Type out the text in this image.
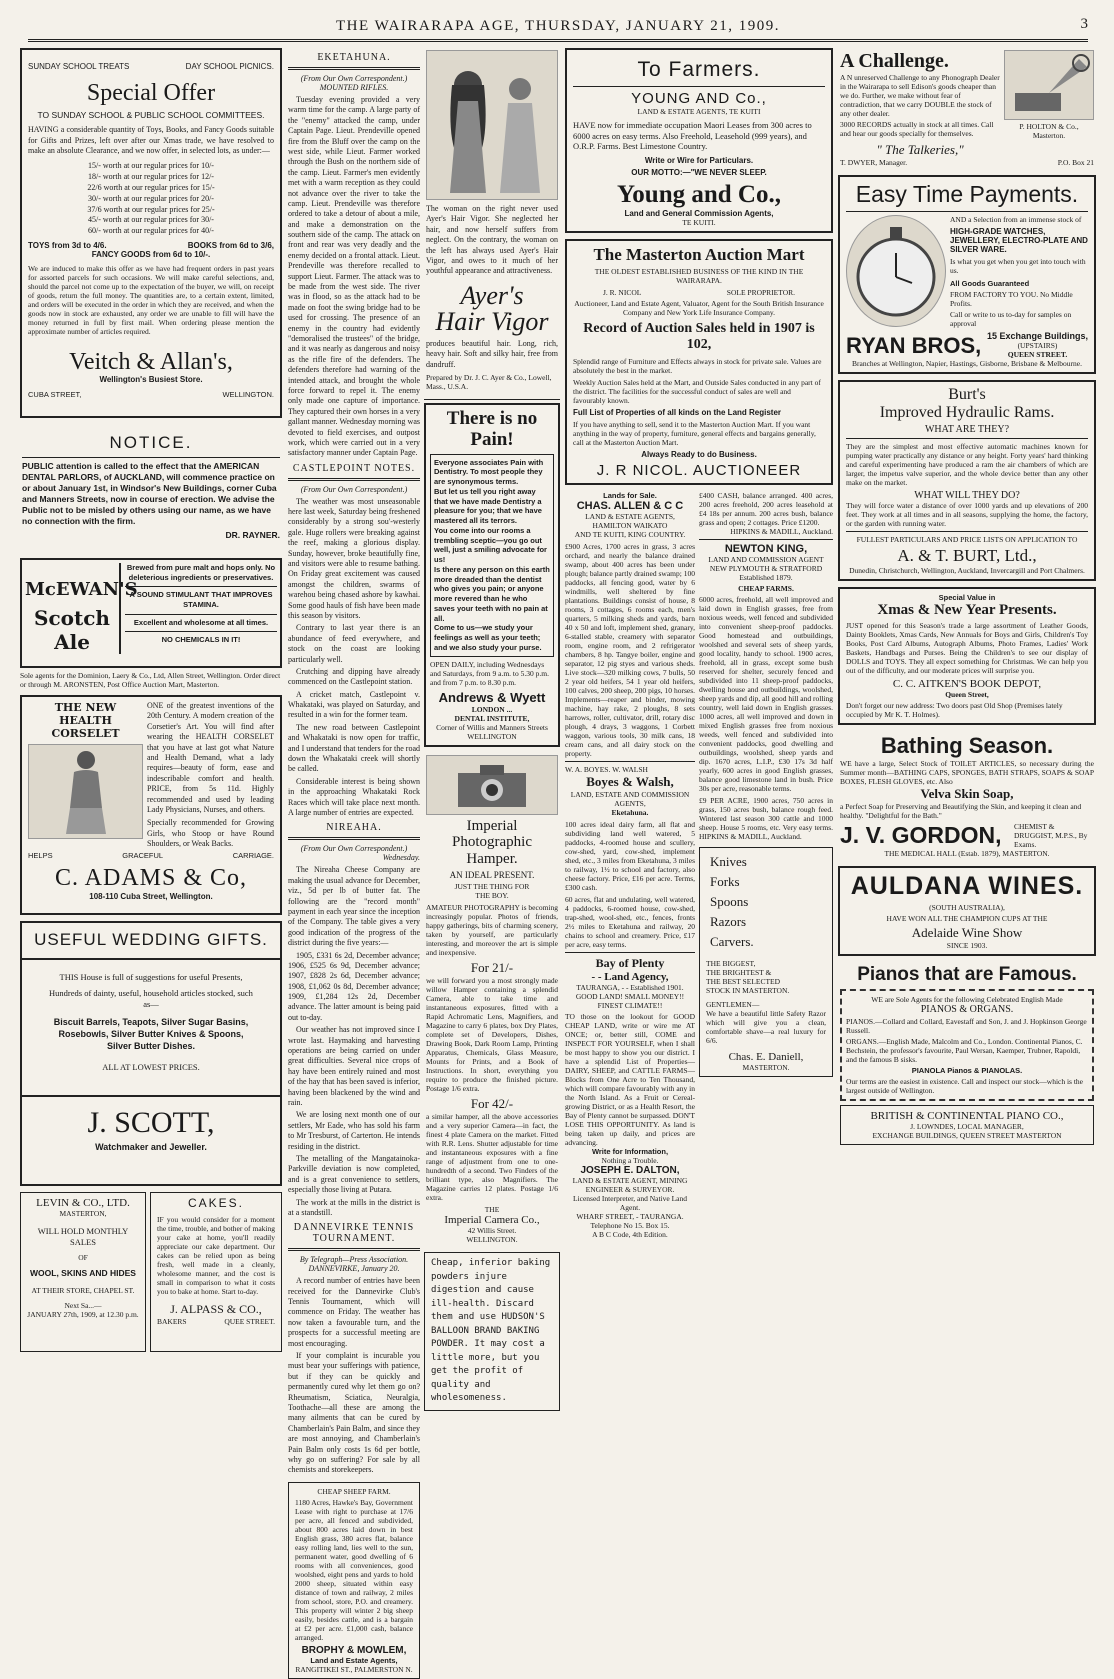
THE WAIRARAPA AGE, THURSDAY, JANUARY 21, 1909.	3
SUNDAY SCHOOL TREATS	DAY SCHOOL PICNICS.
Special Offer
TO SUNDAY SCHOOL & PUBLIC SCHOOL COMMITTEES.
HAVING a considerable quantity of Toys, Books, and Fancy Goods suitable for Gifts and Prizes, left over after our Xmas trade, we have resolved to make an absolute Clearance, and we now offer, in selected lots, as under:—
15/- worth at our regular prices for 10/-
18/- worth at our regular prices for 12/-
22/6 worth at our regular prices for 15/-
30/- worth at our regular prices for 20/-
37/6 worth at our regular prices for 25/-
45/- worth at our regular prices for 30/-
60/- worth at our regular prices for 40/-
TOYS from 3d to 4/6.	BOOKS from 6d to 3/6,
FANCY GOODS from 6d to 10/-.
We are induced to make this offer as we have had frequent orders in past years for assorted parcels for such occasions. We will make careful selections, and, should the parcel not come up to the expectation of the buyer, we will, on receipt of goods, return the full money. The quantities are, to a certain extent, limited, and orders will be executed in the order in which they are received, and when the goods now in stock are exhausted, any order we are unable to fill will have the money returned in full by first mail. When ordering please mention the approximate number of articles required.
Veitch & Allan's,
Wellington's Busiest Store.
CUBA STREET,	WELLINGTON.
NOTICE.
PUBLIC attention is called to the effect that the AMERICAN DENTAL PARLORS, of AUCKLAND, will commence practice on or about January 1st, in Windsor's New Buildings, corner Cuba and Manners Streets, now in course of erection. We advise the Public not to be misled by others using our name, as we have no connection with the firm.
DR. RAYNER.
McEWAN'S
Scotch Ale
Brewed from pure malt and hops only. No deleterious ingredients or preservatives.
A SOUND STIMULANT THAT IMPROVES STAMINA.
Excellent and wholesome at all times.
NO CHEMICALS IN IT!
Sole agents for the Dominion, Laery & Co., Ltd, Allen Street, Wellington. Order direct or through M. ARONSTEN, Post Office Auction Mart, Masterton.
THE NEW HEALTH CORSELET
ONE of the greatest inventions of the 20th Century. A modern creation of the Corsetier's Art. You will find after wearing the HEALTH CORSELET that you have at last got what Nature and Health Demand, what a lady requires—beauty of form, ease and indescribable comfort and health. PRICE, from 5s 11d. Highly recommended and used by leading Lady Physicians, Nurses, and others.
Specially recommended for Growing Girls, who Stoop or have Round Shoulders, or Weak Backs.
HELPS	GRACEFUL	CARRIAGE.
C. ADAMS & Co,
108-110 Cuba Street, Wellington.
USEFUL WEDDING GIFTS.
THIS House is full of suggestions for useful Presents,
Hundreds of dainty, useful, household articles stocked, such as—
Biscuit Barrels, Teapots, Silver Sugar Basins, Rosebowls, Silver Butter Knives & Spoons, Silver Butter Dishes.
ALL AT LOWEST PRICES.
J. SCOTT,
Watchmaker and Jeweller.
LEVIN & CO., LTD.
MASTERTON,
WILL HOLD MONTHLY SALES
OF
WOOL, SKINS AND HIDES
AT THEIR STORE, CHAPEL ST.
Next Sa...—
JANUARY 27th, 1909, at 12.30 p.m.
CAKES.
IF you would consider for a moment the time, trouble, and bother of making your cake at home, you'll readily appreciate our cake department. Our cakes can be relied upon as being fresh, well made in a cleanly, wholesome manner, and the cost is small in comparison to what it costs you to bake at home. Start to-day.
J. ALPASS & CO.,
BAKERS	QUEE STREET.
EKETAHUNA.
(From Our Own Correspondent.)
MOUNTED RIFLES.

Tuesday evening provided a very warm time for the camp. A large party of the "enemy" attacked the camp, under Captain Page. Lieut. Prendeville opened fire from the Bluff over the camp on the west side, while Lieut. Farmer worked through the Bush on the northern side of the camp. Lieut. Farmer's men evidently met with a warm reception as they could not advance over the river to take the camp. Lieut. Prendeville was therefore ordered to take a detour of about a mile, and make a demonstration on the southern side of the camp. The attack on front and rear was very deadly and the enemy decided on a frontal attack. Lieut. Prendeville was therefore recalled to support Lieut. Farmer. The attack was to be made from the west side. The river was in flood, so as the attack had to be made on foot the swing bridge had to be used for crossing. The presence of an enemy in the country had evidently "demoralised the trustees" of the bridge, and it was nearly as dangerous and noisy as the rifle fire of the defenders. The defenders therefore had warning of the intended attack, and brought the whole force forward to repel it. The enemy only made one capture of importance. They captured their own horses in a very gallant manner. Wednesday morning was devoted to field exercises, and outpost work, which were carried out in a very satisfactory manner under Captain Page.

CASTLEPOINT NOTES.
(From Our Own Correspondent.)

The weather was most unseasonable here last week, Saturday being freshened considerably by a strong sou'-westerly gale. Huge rollers were breaking against the reef, making a glorious display. Sunday, however, broke beautifully fine, and visitors were able to resume bathing. On Friday great excitement was caused amongst the children, swarms of warehou being chased ashore by kawhai. Some good hauls of fish have been made this season by visitors.

Contrary to last year there is an abundance of feed everywhere, and stock on the coast are looking particularly well.

Crutching and dipping have already commenced on the Castlepoint station.

A cricket match, Castlepoint v. Whakataki, was played on Saturday, and resulted in a win for the former team.

The new road between Castlepoint and Whakataki is now open for traffic, and I understand that tenders for the road down the Whakataki creek will shortly be called.

Considerable interest is being shown in the approaching Whakataki Rock Races which will take place next month. A large number of entries are expected.

NIREAHA.
(From Our Own Correspondent.)
Wednesday.

The Nireaha Cheese Company are making the usual advance for December, viz., 5d per lb of butter fat. The following are the "record month" payment in each year since the inception of the Company. The table gives a very good indication of the progress of the district during the five years:—

1905, £331 6s 2d, December advance; 1906, £525 6s 9d, December advance; 1907, £828 2s 6d, December advance; 1908, £1,062 0s 8d, December advance; 1909, £1,284 12s 2d, December advance. The latter amount is being paid out to-day.

Our weather has not improved since I wrote last. Haymaking and harvesting operations are being carried on under great difficulties. Several nice crops of hay have been entirely ruined and most of the hay that has been saved is inferior, having been blackened by the wind and rain.

We are losing next month one of our settlers, Mr Eade, who has sold his farm to Mr Tresburst, of Carterton. He intends residing in the district.

The metalling of the Mangatainoka-Parkville deviation is now completed, and is a great convenience to settlers, especially those living at Putara.

The work at the mills in the district is at a standstill.

DANNEVIRKE TENNIS TOURNAMENT.
By Telegraph—Press Association.
DANNEVIRKE, January 20.

A record number of entries have been received for the Dannevirke Club's Tennis Tournament, which will commence on Friday. The weather has now taken a favourable turn, and the prospects for a successful meeting are most encouraging.

If your complaint is incurable you must bear your sufferings with patience, but if they can be quickly and permanently cured why let them go on? Rheumatism, Sciatica, Neuralgia, Toothache—all these are among the many ailments that can be cured by Chamberlain's Pain Balm, and since they are most annoying, and Chamberlain's Pain Balm only costs 1s 6d per bottle, why go on suffering? For sale by all chemists and storekeepers.

CHEAP SHEEP FARM.
1180 Acres, Hawke's Bay, Government Lease with right to purchase at 17/6 per acre, all fenced and subdivided, about 800 acres laid down in best English grass, 380 acres flat, balance easy rolling land, lies well to the sun, permanent water, good dwelling of 6 rooms with all conveniences, good woolshed, eight pens and yards to hold 2000 sheep, situated within easy distance of town and railway, 2 miles from school, store, P.O. and creamery. This property will winter 2 big sheep easily, besides cattle, and is a bargain at £2 per acre. £1,000 cash, balance arranged.
BROPHY & MOWLEM,
Land and Estate Agents,
RANGITIKEI ST., PALMERSTON N.
The woman on the right never used Ayer's Hair Vigor. She neglected her hair, and now herself suffers from neglect. On the contrary, the woman on the left has always used Ayer's Hair Vigor, and owes to it much of her youthful appearance and attractiveness.
Ayer's
Hair Vigor
produces beautiful hair. Long, rich, heavy hair. Soft and silky hair, free from dandruff.
Prepared by Dr. J. C. Ayer & Co., Lowell, Mass., U.S.A.
There is no Pain!
Everyone associates Pain with Dentistry. To most people they are synonymous terms.
But let us tell you right away that we have made Dentistry a pleasure for you; that we have mastered all its terrors.
You come into our rooms a trembling sceptic—you go out well, just a smiling advocate for us!
Is there any person on this earth more dreaded than the dentist who gives you pain; or anyone more revered than he who saves your teeth with no pain at all.
Come to us—we study your feelings as well as your teeth; and we also study your purse.
OPEN DAILY, including Wednesdays and Saturdays, from 9 a.m. to 5.30 p.m. and from 7 p.m. to 8.30 p.m.
Andrews & Wyett
LONDON ...
DENTAL INSTITUTE,
Corner of Willis and Manners Streets
WELLINGTON
Imperial
Photographic
Hamper.
AN IDEAL PRESENT.
JUST THE THING FOR
THE BOY.
AMATEUR PHOTOGRAPHY is becoming increasingly popular. Photos of friends, happy gatherings, bits of charming scenery, taken by yourself, are particularly interesting, and moreover the art is simple and inexpensive.
For 21/-
we will forward you a most strongly made willow Hamper containing a splendid Camera, able to take time and instantaneous exposures, fitted with a Rapid Achromatic Lens, Magnifiers, and Magazine to carry 6 plates, box Dry Plates, complete set of Developers, Dishes, Drawing Book, Dark Room Lamp, Printing Apparatus, Chemicals, Glass Measure, Mounts for Prints, and a Book of Instructions. In short, everything you require to produce the finished picture. Postage 1/6 extra.
For 42/-
a similar hamper, all the above accessories and a very superior Camera—in fact, the finest 4 plate Camera on the market. Fitted with R.R. Lens. Shutter adjustable for time and instantaneous exposures with a fine range of adjustment from one to one-hundredth of a second. Two Finders of the brilliant type, also Magnifiers. The Magazine carries 12 plates. Postage 1/6 extra.
THE
Imperial Camera Co.,
42 Willis Street.
WELLINGTON.
Cheap, inferior baking powders injure digestion and cause ill-health. Discard them and use HUDSON'S BALLOON BRAND BAKING POWDER. It may cost a little more, but you get the profit of quality and wholesomeness.
To Farmers.
YOUNG AND Co.,
LAND & ESTATE AGENTS, TE KUITI
HAVE now for immediate occupation Maori Leases from 300 acres to 6000 acres on easy terms. Also Freehold, Leasehold (999 years), and O.R.P. Farms. Best Limestone Country.
Write or Wire for Particulars.
OUR MOTTO:—"WE NEVER SLEEP.
Young and Co.,
Land and General Commission Agents,
TE KUITI.
The Masterton Auction Mart
THE OLDEST ESTABLISHED BUSINESS OF THE KIND IN THE WAIRARAPA.
J. R. NICOL	SOLE PROPRIETOR.
Auctioneer, Land and Estate Agent, Valuator, Agent for the South British Insurance Company and New York Life Insurance Company.
Record of Auction Sales held in 1907 is
102,
Splendid range of Furniture and Effects always in stock for private sale. Values are absolutely the best in the market.
Weekly Auction Sales held at the Mart, and Outside Sales conducted in any part of the district. The facilities for the successful conduct of sales are well and favourably known.
Full List of Properties of all kinds on the Land Register
If you have anything to sell, send it to the Masterton Auction Mart. If you want anything in the way of property, furniture, general effects and bargains generally, call at the Masterton Auction Mart.
Always Ready to do Business.
J. R NICOL. AUCTIONEER
Lands for Sale.
CHAS. ALLEN & C C
LAND & ESTATE AGENTS,
HAMILTON WAIKATO
AND TE KUITI, KING COUNTRY.
£900 Acres, 1700 acres in grass, 3 acres orchard, and nearly the balance drained swamp, about 400 acres has been under plough; balance partly drained swamp; 100 paddocks, all fencing good, water by 6 windmills, well sheltered by fine plantations. Buildings consist of house, 8 rooms, 3 cottages, 6 rooms each, men's quarters, 5 milking sheds and yards, barn 40 x 50 and loft, implement shed, granary, 6-stalled stable, creamery with separator room, engine room, and 2 refrigerator chambers, 8 hp. Tangye boiler, engine and separator, 12 pig styes and various sheds. Live stock—320 milking cows, 7 bulls, 50 2 year old heifers, 54 1 year old heifers, 100 calves, 200 sheep, 200 pigs, 10 horses. Implements—reaper and binder, mowing machine, hay rake, 2 ploughs, 8 sets harrows, roller, cultivator, drill, rotary disc plough, 4 drays, 3 waggons, 1 Corbett waggon, various tools, 30 milk cans, 18 cream cans, and all dairy stock on the property.
W. A. BOYES. W. WALSH
Boyes & Walsh,
LAND, ESTATE AND COMMISSION AGENTS,
Eketahuna.
100 acres ideal dairy farm, all flat and subdividing land well watered, 5 paddocks, 4-roomed house and scullery, cow-shed, yard, cow-shed, implement shed, etc., 3 miles from Eketahuna, 3 miles to railway, 1½ to school and factory, also cheese factory. Price, £16 per acre. Terms, £300 cash.
60 acres, flat and undulating, well watered, 4 paddocks, 6-roomed house, cow-shed, trap-shed, wool-shed, etc., fences, fronts 2½ miles to Eketahuna and railway, 20 chains to school and creamery. Price, £17 per acre, easy terms.
Bay of Plenty
- - Land Agency,
TAURANGA, - - Established 1901.
GOOD LAND! SMALL MONEY!! FINEST CLIMATE!!
TO those on the lookout for GOOD CHEAP LAND, write or wire me AT ONCE; or, better still, COME and INSPECT FOR YOURSELF, when I shall be most happy to show you our district. I have a splendid List of Properties—DAIRY, SHEEP, and CATTLE FARMS—Blocks from One Acre to Ten Thousand, which will compare favourably with any in the North Island. As a Fruit or Cereal-growing District, or as a Health Resort, the Bay of Plenty cannot be surpassed. DON'T LOSE THIS OPPORTUNITY. As land is being taken up daily, and prices are advancing.
Write for Information,
Nothing a Trouble.
JOSEPH E. DALTON,
LAND & ESTATE AGENT, MINING ENGINEER & SURVEYOR.
Licensed Interpreter, and Native Land Agent.
WHARF STREET, - TAURANGA.
Telephone No 15. Box 15.
A B C Code, 4th Edition.
£400 CASH, balance arranged. 400 acres, 200 acres freehold, 200 acres leasehold at £4 18s per annum. 200 acres bush, balance grass and open; 2 cottages. Price £1200.
HIPKINS & MADILL, Auckland.
NEWTON KING,
LAND AND COMMISSION AGENT NEW PLYMOUTH & STRATFORD
Established 1879.
CHEAP FARMS.
6000 acres, freehold, all well improved and laid down in English grasses, free from noxious weeds, well fenced and subdivided into convenient sheep-proof paddocks. Good homestead and outbuildings, woolshed and several sets of sheep yards, good locality, handy to school. 1900 acres, freehold, all in grass, except some bush reserved for shelter, securely fenced and subdivided into 11 sheep-proof paddocks, dwelling house and outbuildings, woolshed, sheep yards and dip, all good hill and rolling country, well laid down in English grasses. 1000 acres, all well improved and down in mixed English grasses free from noxious weeds, well fenced and subdivided into convenient paddocks, good dwelling and outbuildings, woolshed, sheep yards and dip. 1670 acres, L.I.P., £30 17s 3d half yearly, 600 acres in good English grasses, balance good limestone land in bush. Price 30s per acre, reasonable terms.
£9 PER ACRE, 1900 acres, 750 acres in grass, 150 acres bush, balance rough feed. Wintered last season 300 cattle and 1000 sheep. House 5 rooms, etc. Very easy terms. HIPKINS & MADILL, Auckland.
Knives
Forks
Spoons
Razors
Carvers.
THE BIGGEST,
THE BRIGHTEST &
THE BEST SELECTED
STOCK IN MASTERTON.
GENTLEMEN—
We have a beautiful little Safety Razor which will give you a clean, comfortable shave—a real luxury for 6/6.
Chas. E. Daniell,
MASTERTON.
A Challenge.
A N unreserved Challenge to any Phonograph Dealer in the Wairarapa to sell Edison's goods cheaper than we do. Further, we make without fear of contradiction, that we carry DOUBLE the stock of any other dealer.
3000 RECORDS actually in stock at all times. Call and hear our goods specially for themselves.
" The Talkeries,"
P. HOLTON & Co., Masterton.
T. DWYER, Manager.	P.O. Box 21
Easy Time Payments.
AND a Selection from an immense stock of
HIGH-GRADE WATCHES, JEWELLERY, ELECTRO-PLATE AND SILVER WARE.
Is what you get when you get into touch with us.
All Goods Guaranteed
FROM FACTORY TO YOU. No Middle Profits.
Call or write to us to-day for samples on approval
RYAN BROS, 15 Exchange Buildings,
(UPSTAIRS)
QUEEN STREET.
Branches at Wellington, Napier, Hastings, Gisborne, Brisbane & Melbourne.
Burt's
Improved Hydraulic Rams.
WHAT ARE THEY?
They are the simplest and most effective automatic machines known for pumping water practically any distance or any height. Forty years' hard thinking and careful experimenting have produced a ram the air chambers of which are larger, the impetus valve superior, and the whole device better than any other make on the market.
WHAT WILL THEY DO?
They will force water a distance of over 1000 yards and up elevations of 200 feet. They work at all times and in all seasons, supplying the home, the factory, or the garden with running water.
FULLEST PARTICULARS AND PRICE LISTS ON APPLICATION TO
A. & T. BURT, Ltd.,
Dunedin, Christchurch, Wellington, Auckland, Invercargill and Port Chalmers.
Special Value in
Xmas & New Year Presents.
JUST opened for this Season's trade a large assortment of Leather Goods, Dainty Booklets, Xmas Cards, New Annuals for Boys and Girls, Children's Toy Books, Post Card Albums, Autograph Albums, Photo Frames, Ladies' Work Baskets, Handbags and Purses. Being the Children's to see our display of DOLLS and TOYS. They all expect something for Christmas. We can help you out of the difficulty, and our moderate prices will surprise you.
C. C. AITKEN'S BOOK DEPOT,
Queen Street,
Don't forget our new address: Two doors past Old Shop (Premises lately occupied by Mr K. T. Holmes).
Bathing Season.
WE have a large, Select Stock of TOILET ARTICLES, so necessary during the Summer month—BATHING CAPS, SPONGES, BATH STRAPS, SOAPS & SOAP BOXES, FLESH GLOVES, etc. Also
Velva Skin Soap,
a Perfect Soap for Preserving and Beautifying the Skin, and keeping it clean and healthy. "Delightful for the Bath."
J. V. GORDON, CHEMIST & DRUGGIST, M.P.S., By Exams.
THE MEDICAL HALL (Estab. 1879), MASTERTON.
AULDANA WINES.
(SOUTH AUSTRALIA),
HAVE WON ALL THE CHAMPION CUPS AT THE
Adelaide Wine Show
SINCE 1903.
Pianos that are Famous.
WE are Sole Agents for the following Celebrated English Made
PIANOS & ORGANS.
PIANOS.—Collard and Collard, Eavestaff and Son, J. and J. Hopkinson George Russell.
ORGANS.—English Made, Malcolm and Co., London. Continental Pianos, C. Bechstein, the professor's favourite, Paul Wersan, Kaemper, Trubner, Rapoldi, and the famous B sisks.
PIANOLA Pianos & PIANOLAS.
Our terms are the easiest in existence. Call and inspect our stock—which is the largest outside of Wellington.
BRITISH & CONTINENTAL PIANO CO.,
J. LOWNDES, LOCAL MANAGER,
EXCHANGE BUILDINGS, QUEEN STREET MASTERTON
